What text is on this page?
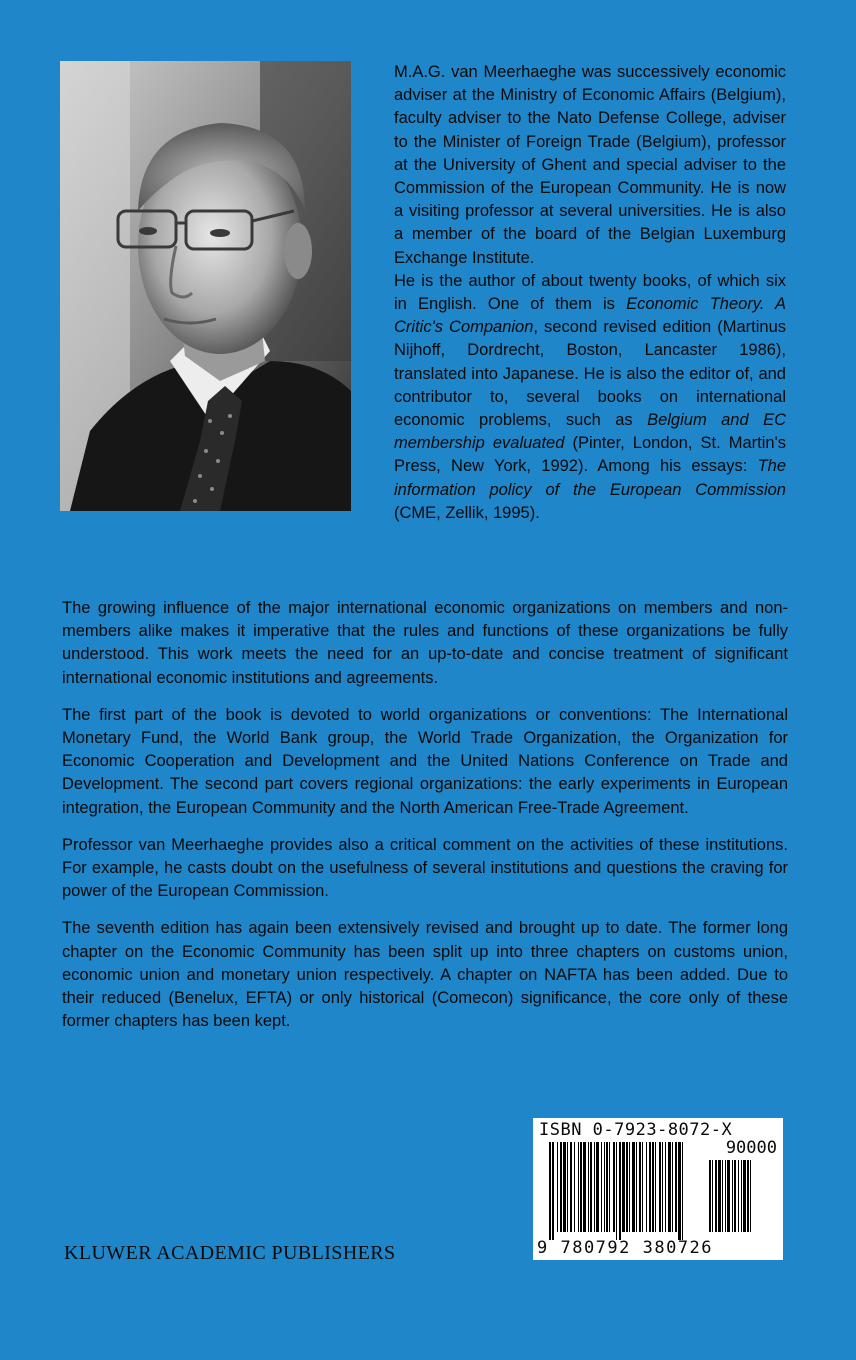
M.A.G. van Meerhaeghe was successively economic adviser at the Ministry of Economic Affairs (Belgium), faculty adviser to the Nato Defense College, adviser to the Minister of Foreign Trade (Belgium), professor at the University of Ghent and special adviser to the Commission of the European Community. He is now a visiting professor at several universities. He is also a member of the board of the Belgian Luxemburg Exchange Institute.

He is the author of about twenty books, of which six in English. One of them is Economic Theory. A Critic's Companion, second revised edition (Martinus Nijhoff, Dordrecht, Boston, Lancaster 1986), translated into Japanese. He is also the editor of, and contributor to, several books on international economic problems, such as Belgium and EC membership evaluated (Pinter, London, St. Martin's Press, New York, 1992). Among his essays: The information policy of the European Commission (CME, Zellik, 1995).

The growing influence of the major international economic organizations on members and non-members alike makes it imperative that the rules and functions of these organizations be fully understood. This work meets the need for an up-to-date and concise treatment of significant international economic institutions and agreements.

The first part of the book is devoted to world organizations or conventions: The International Monetary Fund, the World Bank group, the World Trade Organization, the Organization for Economic Cooperation and Development and the United Nations Conference on Trade and Development. The second part covers regional organizations: the early experiments in European integration, the European Community and the North American Free-Trade Agreement.

Professor van Meerhaeghe provides also a critical comment on the activities of these institutions. For example, he casts doubt on the usefulness of several institutions and questions the craving for power of the European Commission.

The seventh edition has again been extensively revised and brought up to date. The former long chapter on the Economic Community has been split up into three chapters on customs union, economic union and monetary union respectively. A chapter on NAFTA has been added. Due to their reduced (Benelux, EFTA) or only historical (Comecon) significance, the core only of these former chapters has been kept.

KLUWER ACADEMIC PUBLISHERS
ISBN 0-7923-8072-X
90000
9 780792 380726
